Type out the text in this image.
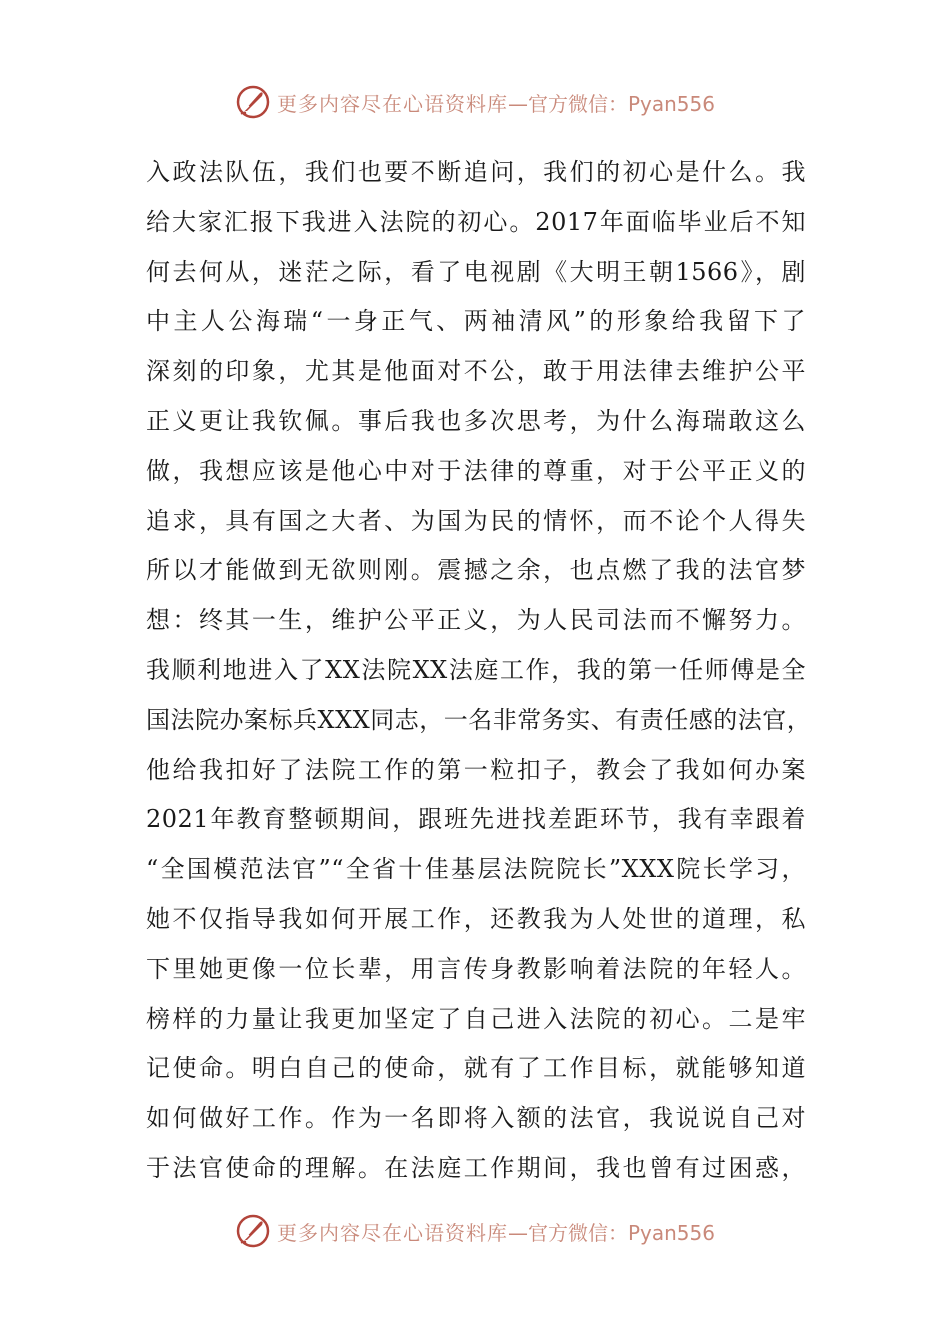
更多内容尽在心语资料库 —官方微信：Pyan556
入政法队伍，我们也要不断追问，我们的初心是什么。我
给大家汇报下我进入法院的初心。2017年面临毕业后不知
何去何从，迷茫之际，看了电视剧《大明王朝1566》，剧
中主人公海瑞“一身正气、两袖清风”的形象给我留下了
深刻的印象，尤其是他面对不公，敢于用法律去维护公平
正义更让我钦佩。事后我也多次思考，为什么海瑞敢这么
做，我想应该是他心中对于法律的尊重，对于公平正义的
追求，具有国之大者、为国为民的情怀，而不论个人得失
所以才能做到无欲则刚。震撼之余，也点燃了我的法官梦
想：终其一生，维护公平正义，为人民司法而不懈努力。
我顺利地进入了XX法院XX法庭工作，我的第一任师傅是全
国法院办案标兵XXX同志，一名非常务实、有责任感的法官，
他给我扣好了法院工作的第一粒扣子，教会了我如何办案
2021年教育整顿期间，跟班先进找差距环节，我有幸跟着
“全国模范法官”“全省十佳基层法院院长”XXX院长学习，
她不仅指导我如何开展工作，还教我为人处世的道理，私
下里她更像一位长辈，用言传身教影响着法院的年轻人。
榜样的力量让我更加坚定了自己进入法院的初心。二是牢
记使命。明白自己的使命，就有了工作目标，就能够知道
如何做好工作。作为一名即将入额的法官，我说说自己对
于法官使命的理解。在法庭工作期间，我也曾有过困惑，
更多内容尽在心语资料库 —官方微信：Pyan556
